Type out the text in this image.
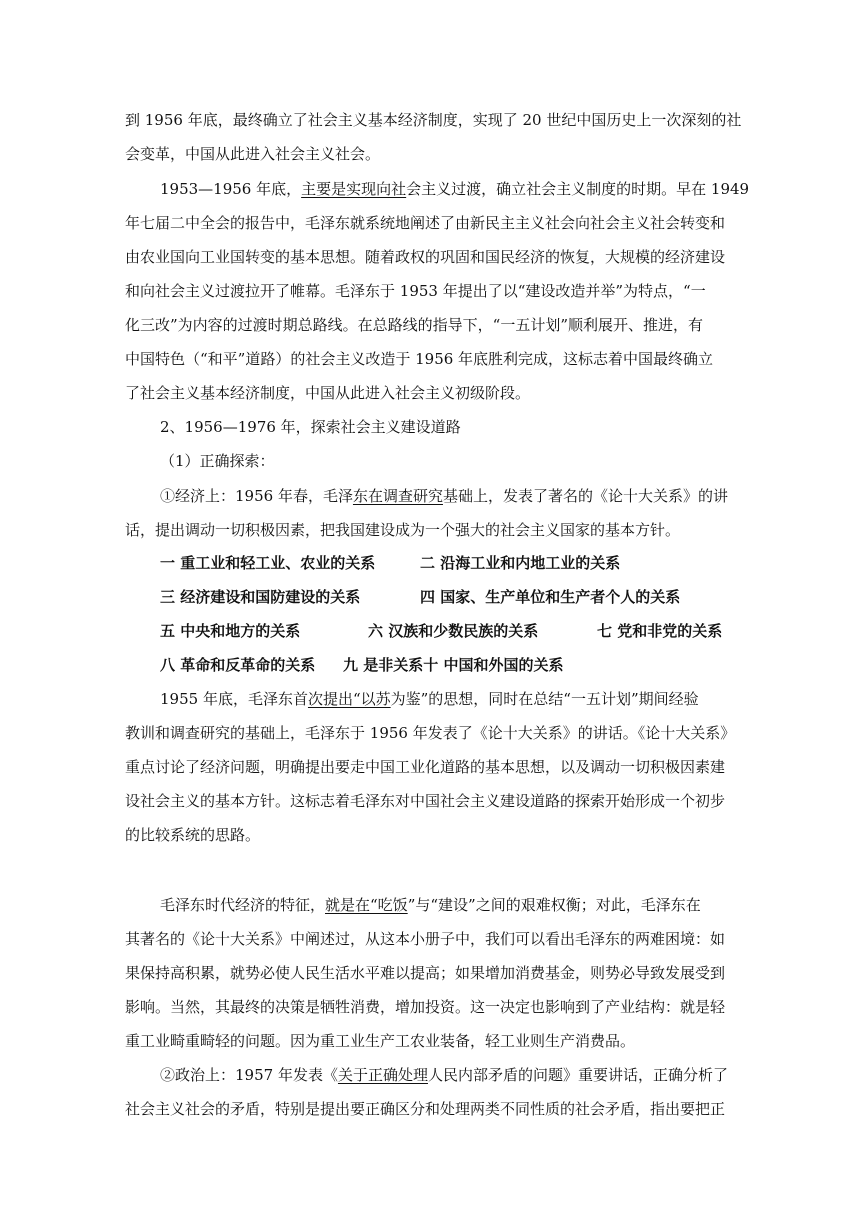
到 1956 年底，最终确立了社会主义基本经济制度，实现了 20 世纪中国历史上一次深刻的社
会变革，中国从此进入社会主义社会。
1953—1956 年底，主要是实现向社会主义过渡，确立社会主义制度的时期。早在 1949
年七届二中全会的报告中，毛泽东就系统地阐述了由新民主主义社会向社会主义社会转变和
由农业国向工业国转变的基本思想。随着政权的巩固和国民经济的恢复，大规模的经济建设
和向社会主义过渡拉开了帷幕。毛泽东于 1953 年提出了以“建设改造并举”为特点，“一
化三改”为内容的过渡时期总路线。在总路线的指导下，“一五计划”顺利展开、推进，有
中国特色（“和平”道路）的社会主义改造于 1956 年底胜利完成，这标志着中国最终确立
了社会主义基本经济制度，中国从此进入社会主义初级阶段。
2、1956—1976 年，探索社会主义建设道路
（1）正确探索：
①经济上：1956 年春，毛泽东在调查研究基础上，发表了著名的《论十大关系》的讲
话，提出调动一切积极因素，把我国建设成为一个强大的社会主义国家的基本方针。
一 重工业和轻工业、农业的关系	二 沿海工业和内地工业的关系
三 经济建设和国防建设的关系	四 国家、生产单位和生产者个人的关系
五 中央和地方的关系	六 汉族和少数民族的关系	七 党和非党的关系
八 革命和反革命的关系 九 是非关系十 中国和外国的关系
1955 年底，毛泽东首次提出“以苏为鉴”的思想，同时在总结“一五计划”期间经验
教训和调查研究的基础上，毛泽东于 1956 年发表了《论十大关系》的讲话。《论十大关系》
重点讨论了经济问题，明确提出要走中国工业化道路的基本思想，以及调动一切积极因素建
设社会主义的基本方针。这标志着毛泽东对中国社会主义建设道路的探索开始形成一个初步
的比较系统的思路。
毛泽东时代经济的特征，就是在“吃饭”与“建设”之间的艰难权衡；对此，毛泽东在
其著名的《论十大关系》中阐述过，从这本小册子中，我们可以看出毛泽东的两难困境：如
果保持高积累，就势必使人民生活水平难以提高；如果增加消费基金，则势必导致发展受到
影响。当然，其最终的决策是牺牲消费，增加投资。这一决定也影响到了产业结构：就是轻
重工业畸重畸轻的问题。因为重工业生产工农业装备，轻工业则生产消费品。
②政治上：1957 年发表《关于正确处理人民内部矛盾的问题》重要讲话，正确分析了
社会主义社会的矛盾，特别是提出要正确区分和处理两类不同性质的社会矛盾，指出要把正
